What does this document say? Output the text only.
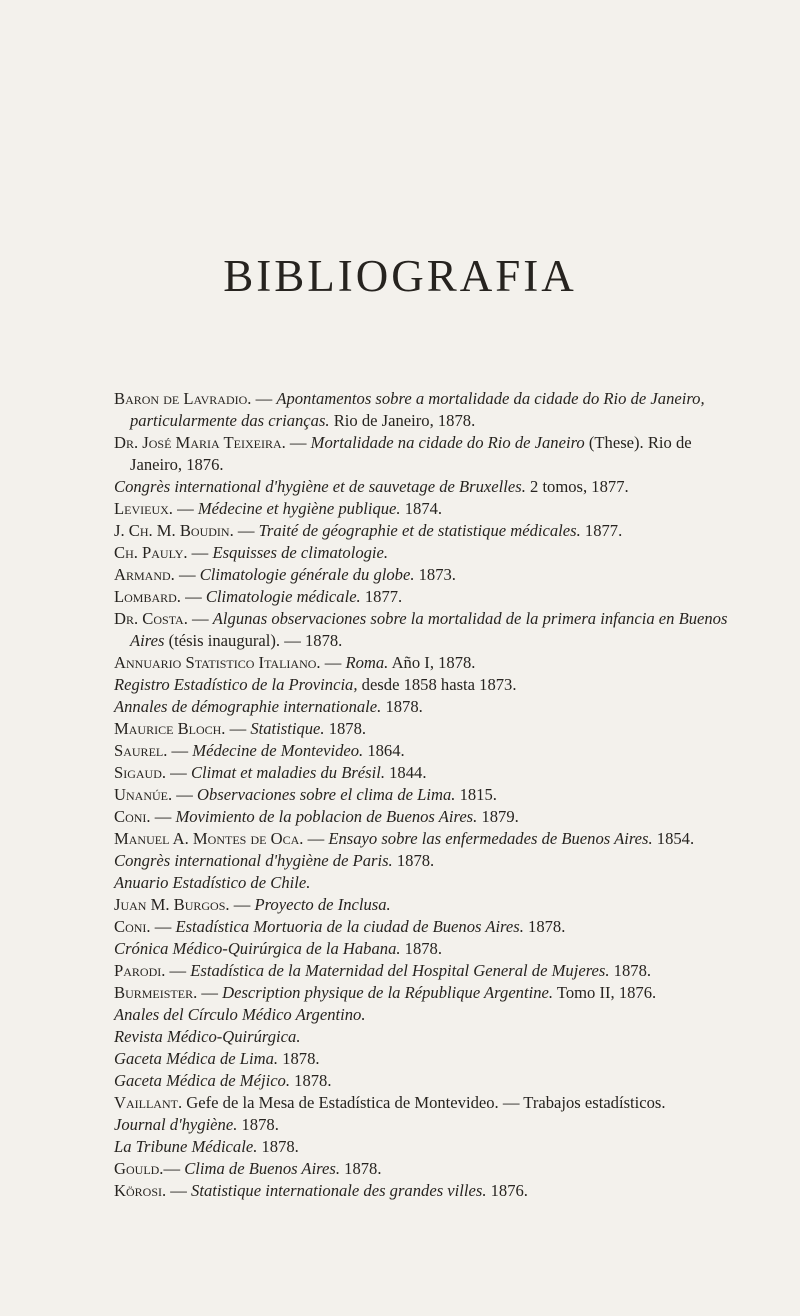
BIBLIOGRAFIA
Baron de Lavradio. — Apontamentos sobre a mortalidade da cidade do Rio de Janeiro, particularmente das crianças. Rio de Janeiro, 1878.
Dr. José Maria Teixeira. — Mortalidade na cidade do Rio de Janeiro (These). Rio de Janeiro, 1876.
Congrès international d'hygiène et de sauvetage de Bruxelles. 2 tomos, 1877.
Levieux. — Médecine et hygiène publique. 1874.
J. Ch. M. Boudin. — Traité de géographie et de statistique médicales. 1877.
Ch. Pauly. — Esquisses de climatologie.
Armand. — Climatologie générale du globe. 1873.
Lombard. — Climatologie médicale. 1877.
Dr. Costa. — Algunas observaciones sobre la mortalidad de la primera infancia en Buenos Aires (tésis inaugural). — 1878.
Annuario Statistico Italiano. — Roma. Año I, 1878.
Registro Estadístico de la Provincia, desde 1858 hasta 1873.
Annales de démographie internationale. 1878.
Maurice Bloch. — Statistique. 1878.
Saurel. — Médecine de Montevideo. 1864.
Sigaud. — Climat et maladies du Brésil. 1844.
Unanúe. — Observaciones sobre el clima de Lima. 1815.
Coni. — Movimiento de la poblacion de Buenos Aires. 1879.
Manuel A. Montes de Oca. — Ensayo sobre las enfermedades de Buenos Aires. 1854.
Congrès international d'hygiène de Paris. 1878.
Anuario Estadístico de Chile.
Juan M. Burgos. — Proyecto de Inclusa.
Coni. — Estadística Mortuoria de la ciudad de Buenos Aires. 1878.
Crónica Médico-Quirúrgica de la Habana. 1878.
Parodi. — Estadística de la Maternidad del Hospital General de Mujeres. 1878.
Burmeister. — Description physique de la République Argentine. Tomo II, 1876.
Anales del Círculo Médico Argentino.
Revista Médico-Quirúrgica.
Gaceta Médica de Lima. 1878.
Gaceta Médica de Méjico. 1878.
Vaillant. Gefe de la Mesa de Estadística de Montevideo. — Trabajos estadísticos.
Journal d'hygiène. 1878.
La Tribune Médicale. 1878.
Gould.— Clima de Buenos Aires. 1878.
Körosi. — Statistique internationale des grandes villes. 1876.
